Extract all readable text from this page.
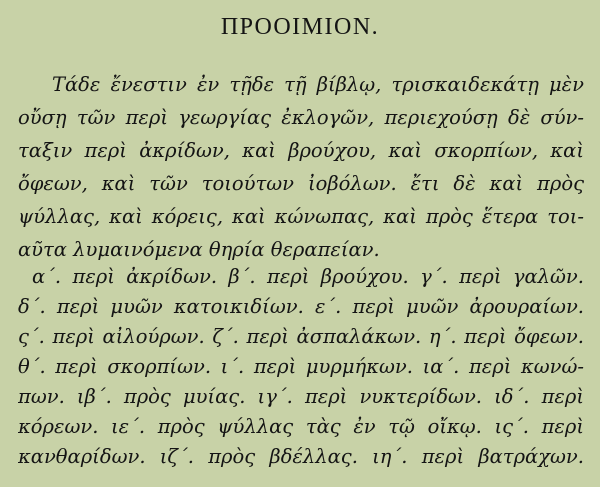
ΠΡΟΟΙΜΙΟΝ.
Τάδε ἔνεστιν ἐν τῇδε τῇ βίβλῳ, τρισκαιδεκάτῃ μὲν
οὔσῃ τῶν περὶ γεωργίας ἐκλογῶν, περιεχούσῃ δὲ σύν-
ταξιν περὶ ἀκρίδων, καὶ βρούχου, καὶ σκορπίων, καὶ
ὄφεων, καὶ τῶν τοιούτων ἰοβόλων. ἔτι δὲ καὶ πρὸς
ψύλλας, καὶ κόρεις, καὶ κώνωπας, καὶ πρὸς ἕτερα τοι-
αῦτα λυμαινόμενα θηρία θεραπείαν.
α΄. περὶ ἀκρίδων. β΄. περὶ βρούχου. γ΄. περὶ γαλῶν.
δ΄. περὶ μυῶν κατοικιδίων. ε΄. περὶ μυῶν ἀρουραίων.
ς΄. περὶ αἰλούρων. ζ΄. περὶ ἀσπαλάκων. η΄. περὶ ὄφεων.
θ΄. περὶ σκορπίων. ι΄. περὶ μυρμήκων. ια΄. περὶ κωνώ-
πων. ιβ΄. πρὸς μυίας. ιγ΄. περὶ νυκτερίδων. ιδ΄. περὶ
κόρεων. ιε΄. πρὸς ψύλλας τὰς ἐν τῷ οἴκῳ. ις΄. περὶ
κανθαρίδων. ιζ΄. πρὸς βδέλλας. ιη΄. περὶ βατράχων.
